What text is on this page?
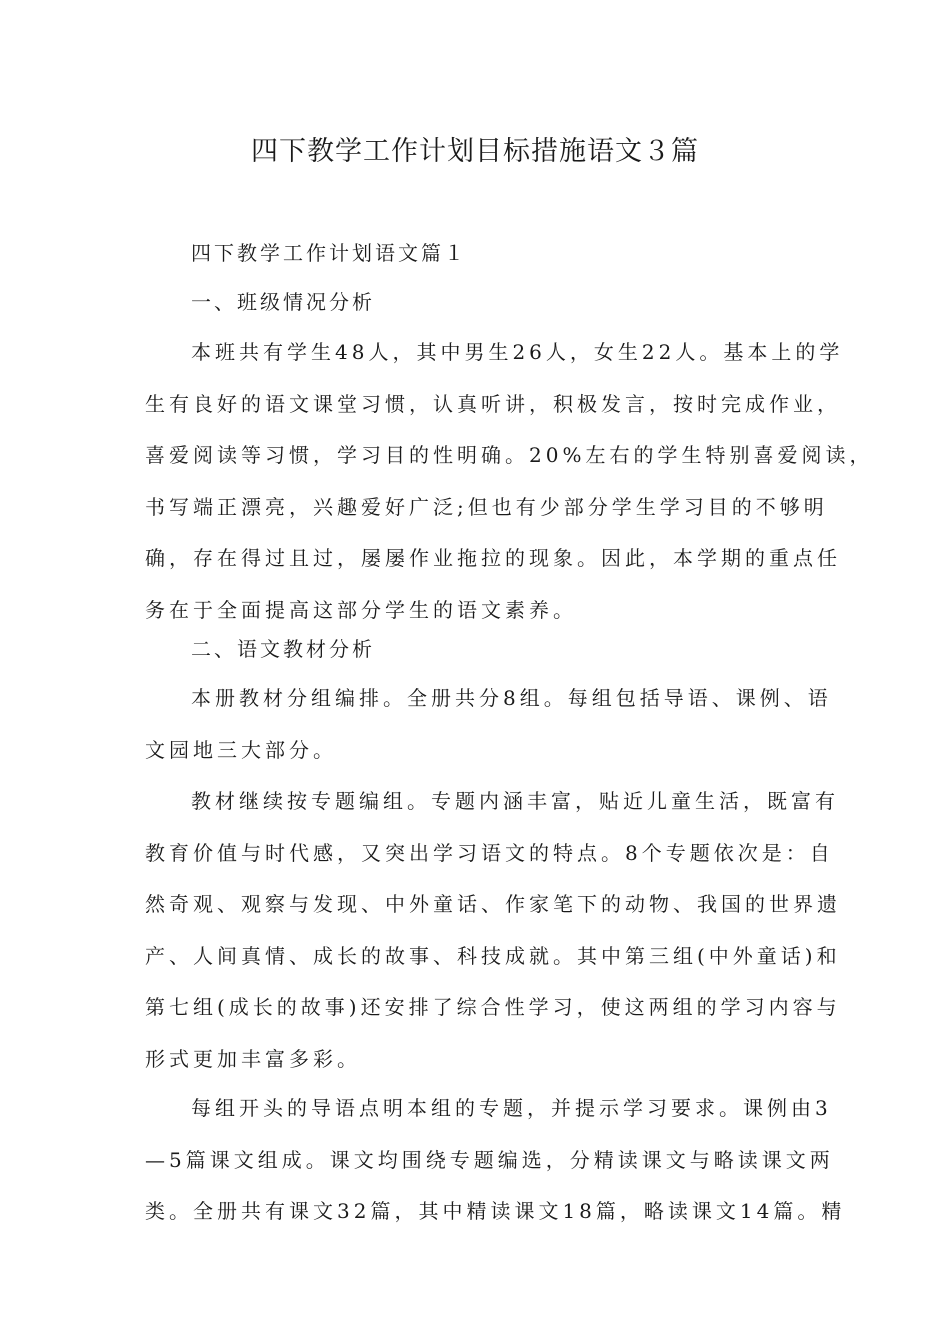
四下教学工作计划目标措施语文３篇
四下教学工作计划语文篇１
一、班级情况分析
本班共有学生48人，其中男生26人，女生22人。基本上的学
生有良好的语文课堂习惯，认真听讲，积极发言，按时完成作业，
喜爱阅读等习惯，学习目的性明确。20%左右的学生特别喜爱阅读，
书写端正漂亮，兴趣爱好广泛;但也有少部分学生学习目的不够明
确，存在得过且过，屡屡作业拖拉的现象。因此，本学期的重点任
务在于全面提高这部分学生的语文素养。
二、语文教材分析
本册教材分组编排。全册共分8组。每组包括导语、课例、语
文园地三大部分。
教材继续按专题编组。专题内涵丰富，贴近儿童生活，既富有
教育价值与时代感，又突出学习语文的特点。8个专题依次是：自
然奇观、观察与发现、中外童话、作家笔下的动物、我国的世界遗
产、人间真情、成长的故事、科技成就。其中第三组(中外童话)和
第七组(成长的故事)还安排了综合性学习，使这两组的学习内容与
形式更加丰富多彩。
每组开头的导语点明本组的专题，并提示学习要求。课例由3
—5篇课文组成。课文均围绕专题编选，分精读课文与略读课文两
类。全册共有课文32篇，其中精读课文18篇，略读课文14篇。精
